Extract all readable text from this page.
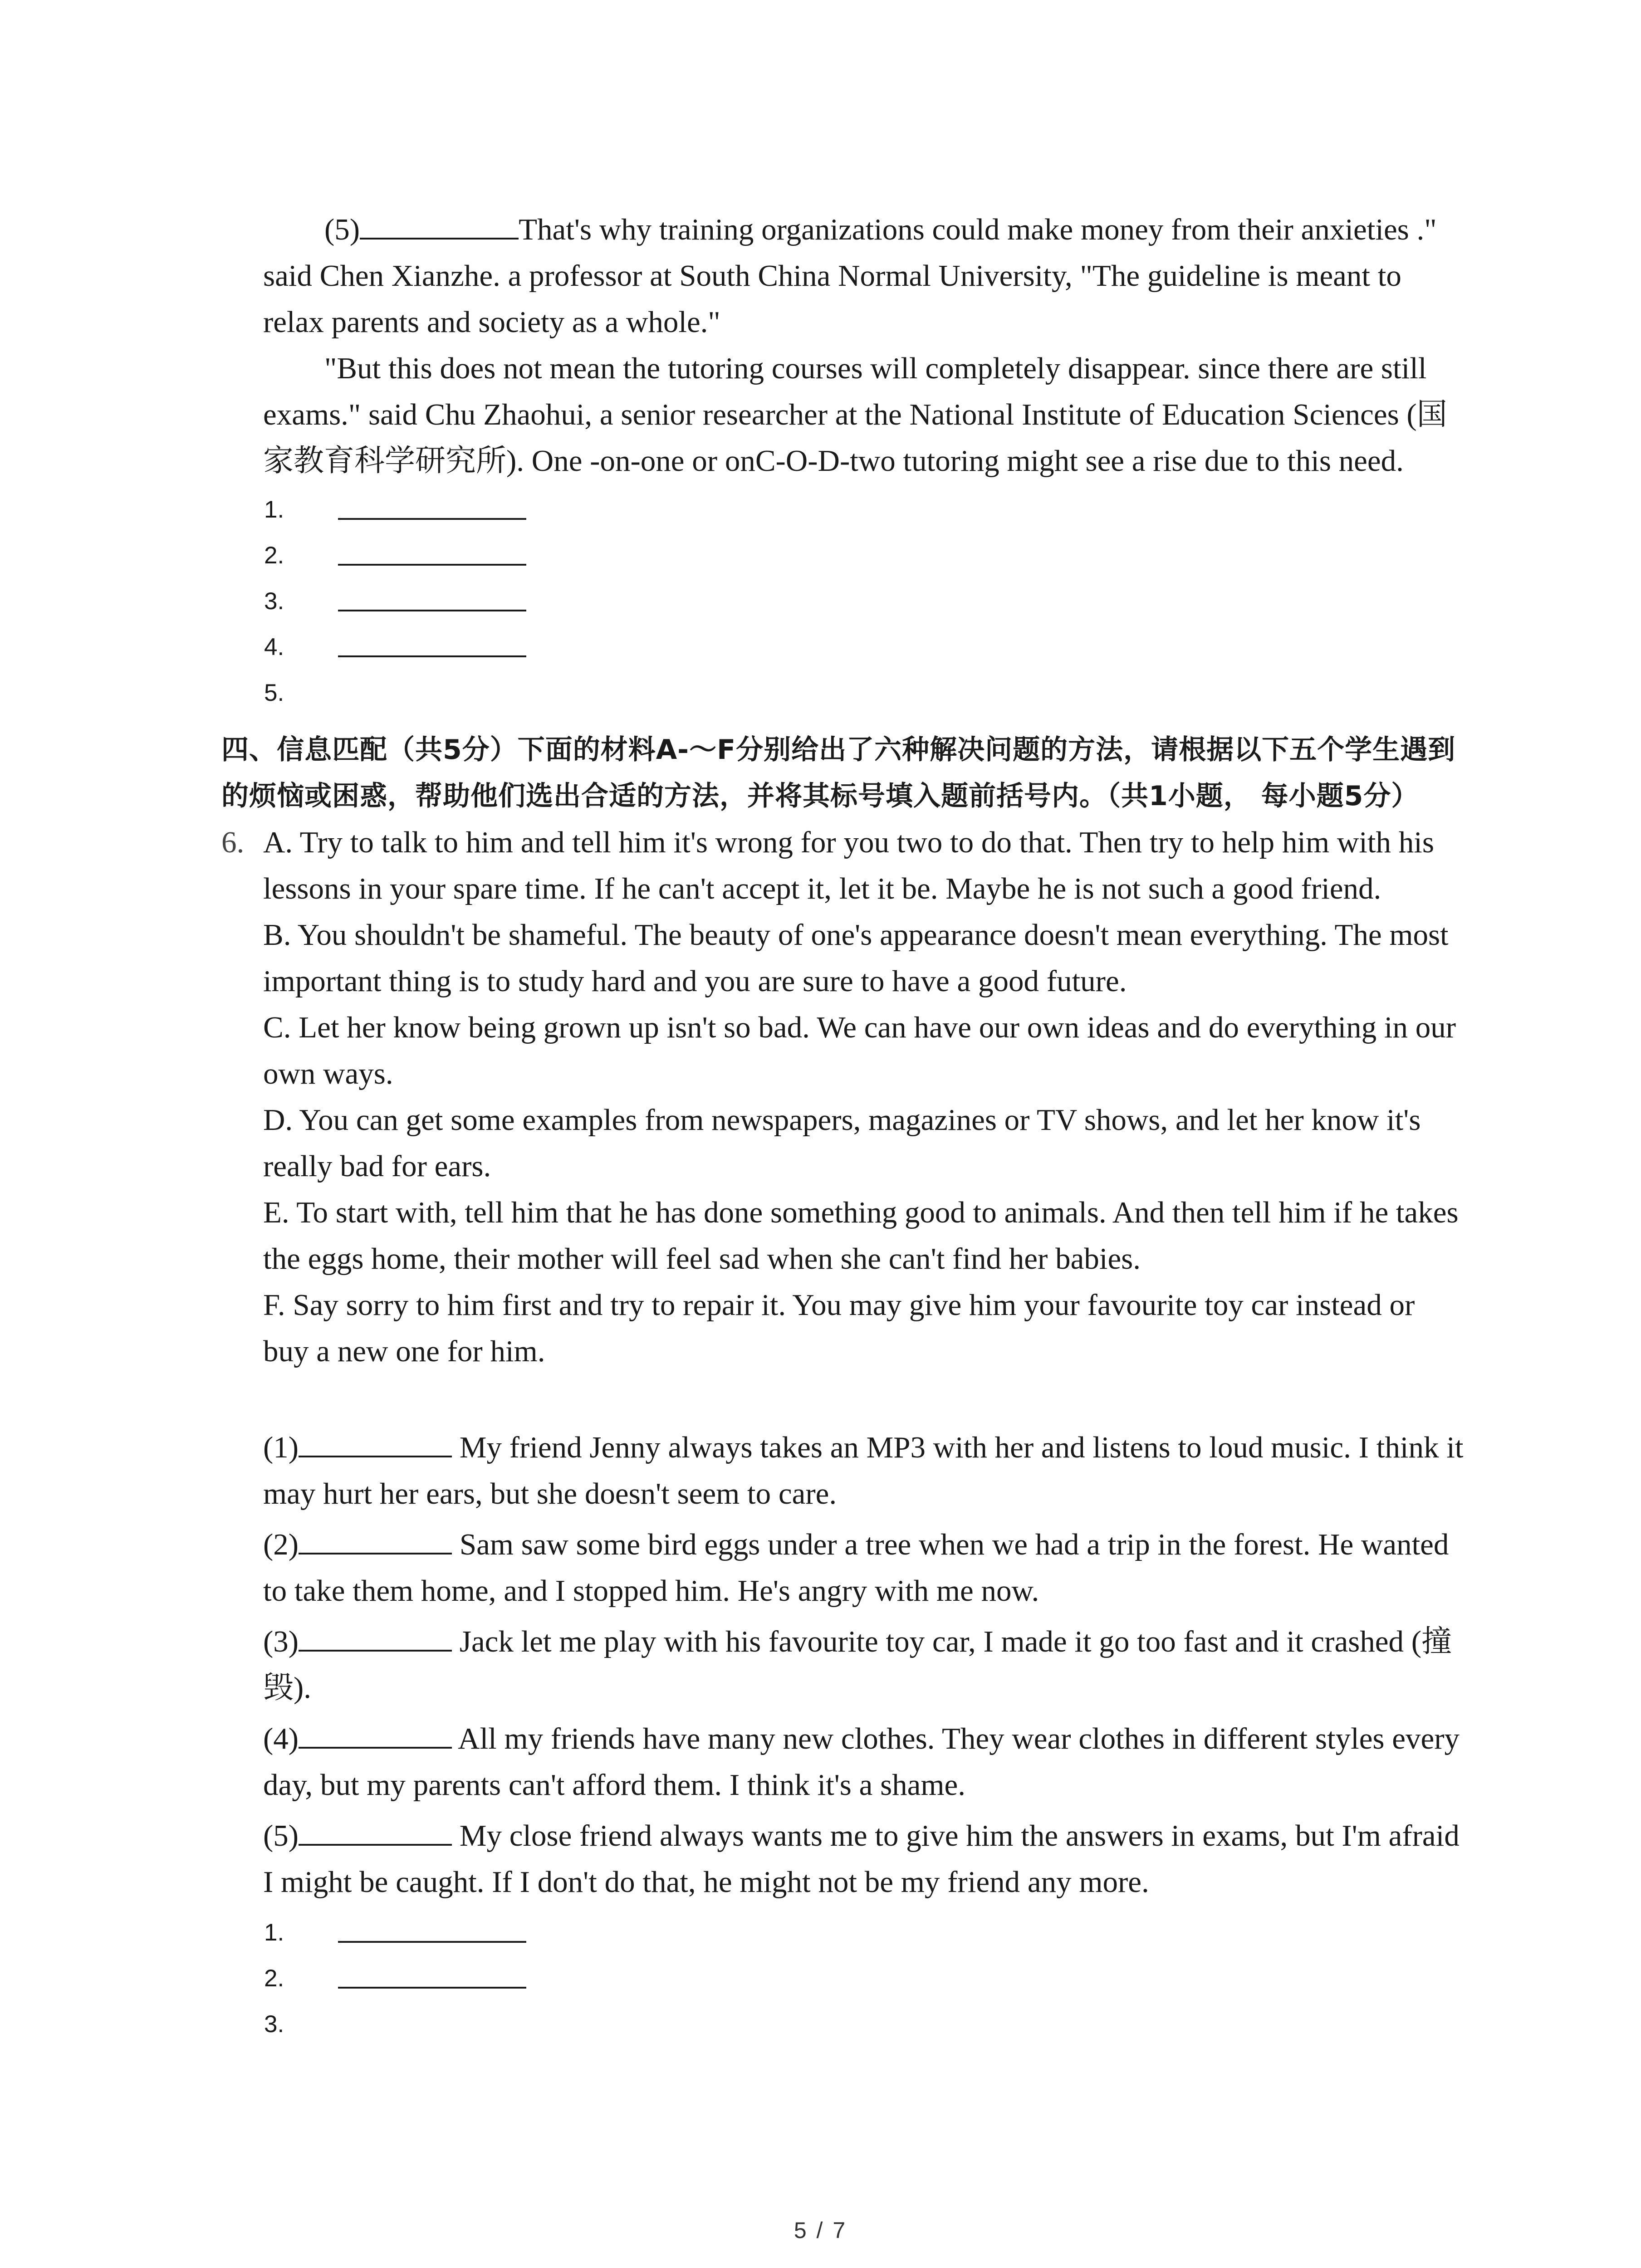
(5)	That's why training organizations could make money from their anxieties ." said Chen Xianzhe. a professor at South China Normal University, "The guideline is meant to relax parents and society as a whole."

"But this does not mean the tutoring courses will completely disappear. since there are still exams." said Chu Zhaohui, a senior researcher at the National Institute of Education Sciences (国家教育科学研究所). One -on-one or onC-O-D-two tutoring might see a rise due to this need.

1.
2.
3.
4.
5.
四、信息匹配（共5分）下面的材料A-～F分别给出了六种解决问题的方法，请根据以下五个学生遇到的烦恼或困惑，帮助他们选出合适的方法，并将其标号填入题前括号内。（共1小题， 每小题5分）
6. A. Try to talk to him and tell him it's wrong for you two to do that. Then try to help him with his lessons in your spare time. If he can't accept it, let it be. Maybe he is not such a good friend.

B. You shouldn't be shameful. The beauty of one's appearance doesn't mean everything. The most important thing is to study hard and you are sure to have a good future.

C. Let her know being grown up isn't so bad. We can have our own ideas and do everything in our own ways.

D. You can get some examples from newspapers, magazines or TV shows, and let her know it's really bad for ears.

E. To start with, tell him that he has done something good to animals. And then tell him if he takes the eggs home, their mother will feel sad when she can't find her babies.

F. Say sorry to him first and try to repair it. You may give him your favourite toy car instead or buy a new one for him.

(1)	My friend Jenny always takes an MP3 with her and listens to loud music. I think it may hurt her ears, but she doesn't seem to care.

(2)	Sam saw some bird eggs under a tree when we had a trip in the forest. He wanted to take them home, and I stopped him. He's angry with me now.

(3)	Jack let me play with his favourite toy car, I made it go too fast and it crashed (撞毁).

(4)	All my friends have many new clothes. They wear clothes in different styles every day, but my parents can't afford them. I think it's a shame.

(5)	My close friend always wants me to give him the answers in exams, but I'm afraid I might be caught. If I don't do that, he might not be my friend any more.

1.
2.
3.
5 / 7
